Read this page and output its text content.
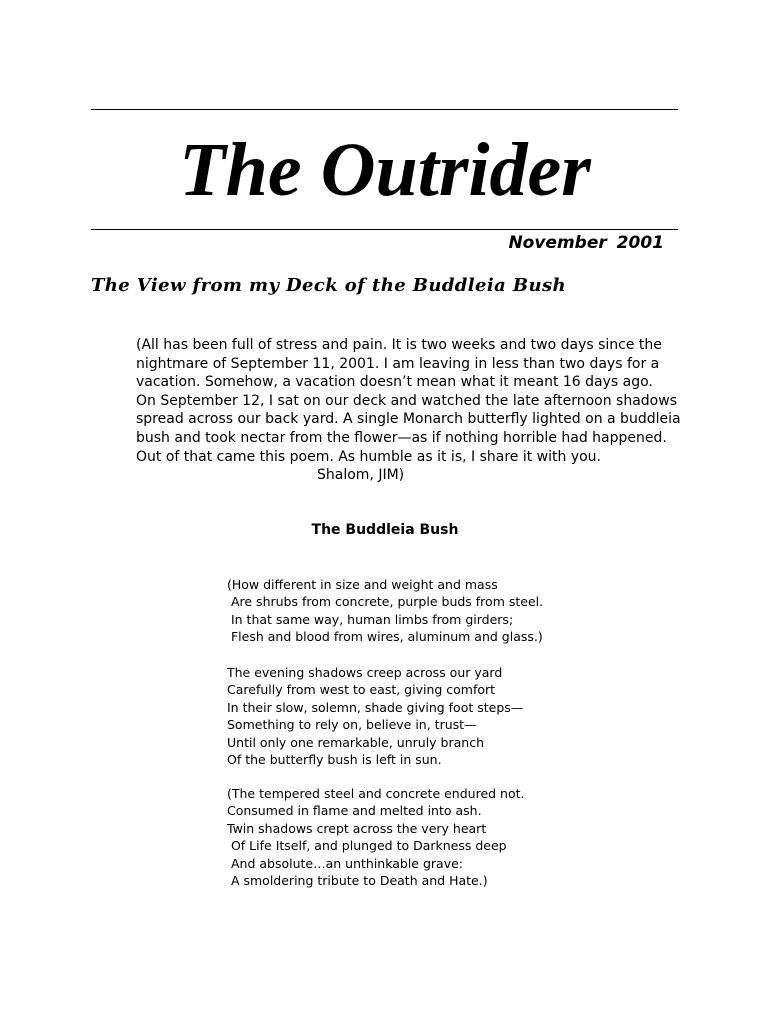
The Outrider
November 2001
The View from my Deck of the Buddleia Bush
(All has been full of stress and pain. It is two weeks and two days since the
nightmare of September 11, 2001. I am leaving in less than two days for a
vacation. Somehow, a vacation doesn’t mean what it meant 16 days ago.
On September 12, I sat on our deck and watched the late afternoon shadows
spread across our back yard. A single Monarch butterfly lighted on a buddleia
bush and took nectar from the flower—as if nothing horrible had happened.
Out of that came this poem. As humble as it is, I share it with you.
Shalom, JIM)
The Buddleia Bush
(How different in size and weight and mass
Are shrubs from concrete, purple buds from steel.
In that same way, human limbs from girders;
Flesh and blood from wires, aluminum and glass.)
The evening shadows creep across our yard
Carefully from west to east, giving comfort
In their slow, solemn, shade giving foot steps—
Something to rely on, believe in, trust—
Until only one remarkable, unruly branch
Of the butterfly bush is left in sun.
(The tempered steel and concrete endured not.
Consumed in flame and melted into ash.
Twin shadows crept across the very heart
Of Life Itself, and plunged to Darkness deep
And absolute…an unthinkable grave:
A smoldering tribute to Death and Hate.)
